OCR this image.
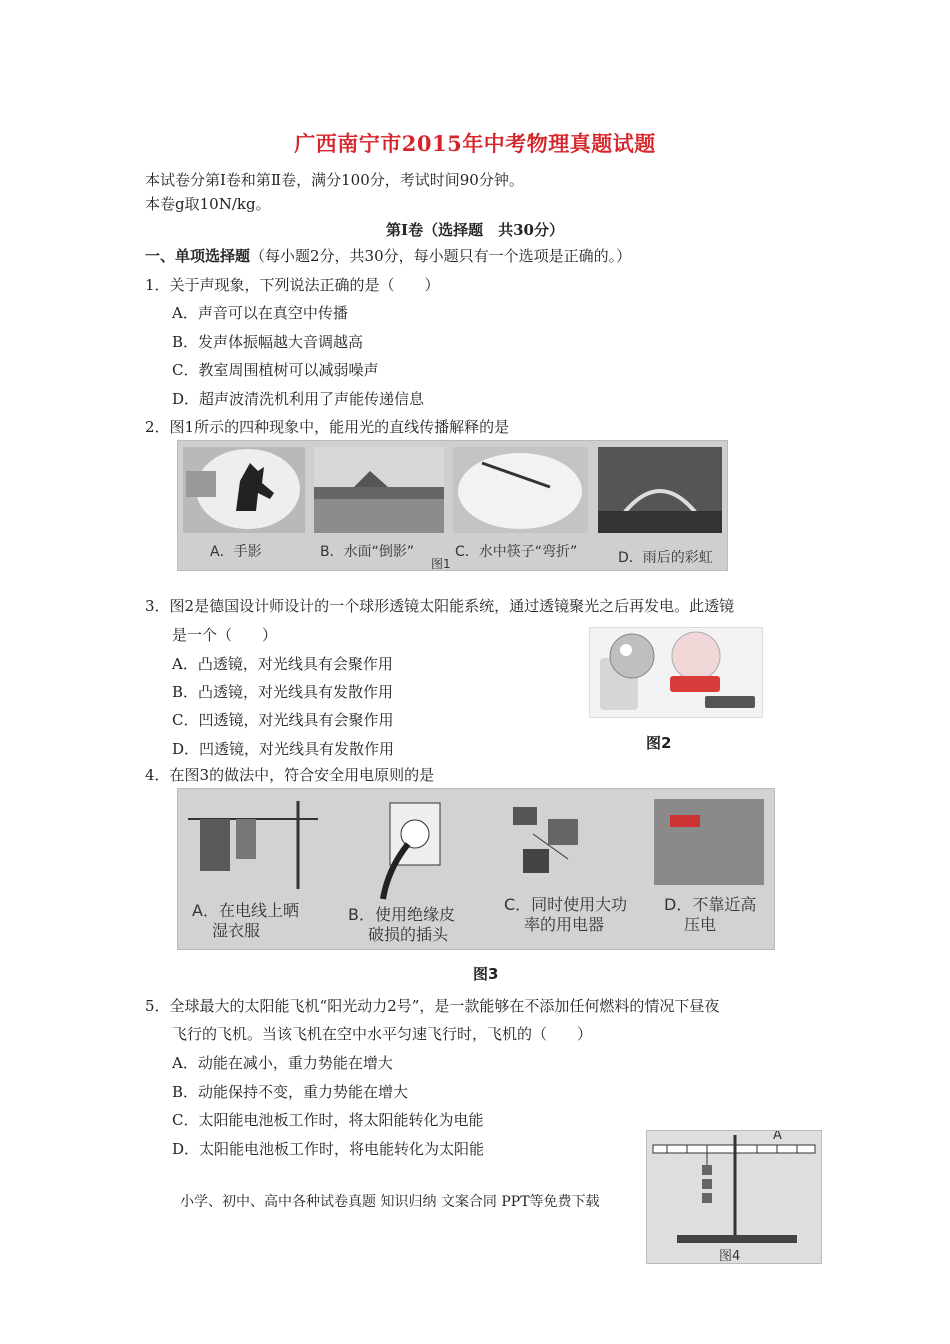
广西南宁市2015年中考物理真题试题
本试卷分第Ⅰ卷和第Ⅱ卷，满分100分，考试时间90分钟。
本卷g取10N/kg。
第Ⅰ卷（选择题　共30分）
一、单项选择题（每小题2分，共30分，每小题只有一个选项是正确的。）
1．关于声现象，下列说法正确的是（　　）
A．声音可以在真空中传播
B．发声体振幅越大音调越高
C．教室周围植树可以减弱噪声
D．超声波清洗机利用了声能传递信息
2．图1所示的四种现象中，能用光的直线传播解释的是
A．手影	B．水面“倒影”	C．水中筷子“弯折”	D．雨后的彩虹
图1
3．图2是德国设计师设计的一个球形透镜太阳能系统，通过透镜聚光之后再发电。此透镜
是一个（　　）
A．凸透镜，对光线具有会聚作用
B．凸透镜，对光线具有发散作用
C．凹透镜，对光线具有会聚作用
D．凹透镜，对光线具有发散作用	图2
4．在图3的做法中，符合安全用电原则的是
A．在电线上晒
湿衣服
B．使用绝缘皮
破损的插头
C．同时使用大功
率的用电器
D．不靠近高
压电
图3
5．全球最大的太阳能飞机“阳光动力2号”，是一款能够在不添加任何燃料的情况下昼夜
飞行的飞机。当该飞机在空中水平匀速飞行时，飞机的（　　）
A．动能在减小，重力势能在增大
B．动能保持不变，重力势能在增大
C．太阳能电池板工作时，将太阳能转化为电能
D．太阳能电池板工作时，将电能转化为太阳能
A
图4
小学、初中、高中各种试卷真题 知识归纳 文案合同 PPT等免费下载
